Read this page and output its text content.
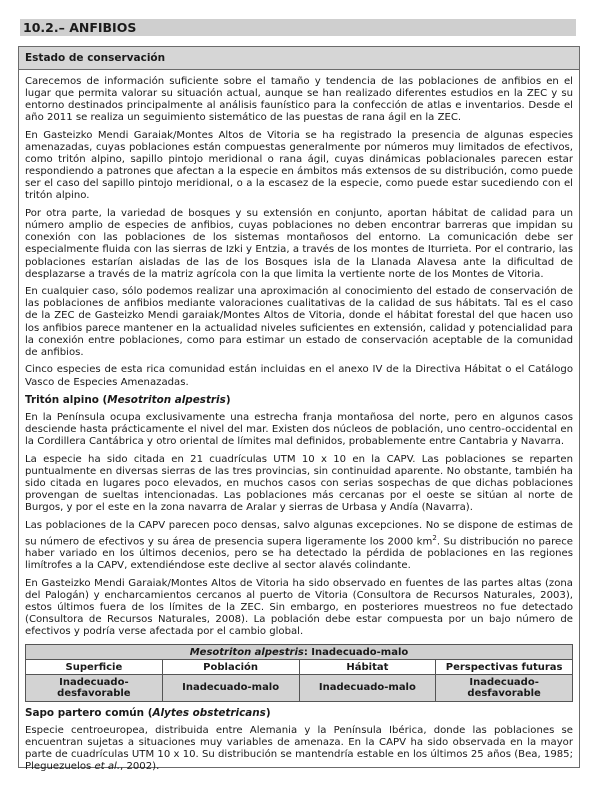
10.2.– ANFIBIOS
Estado de conservación

Carecemos de información suficiente sobre el tamaño y tendencia de las poblaciones de anfibios en el lugar que permita valorar su situación actual, aunque se han realizado diferentes estudios en la ZEC y su entorno destinados principalmente al análisis faunístico para la confección de atlas e inventarios. Desde el año 2011 se realiza un seguimiento sistemático de las puestas de rana ágil en la ZEC.

En Gasteizko Mendi Garaiak/Montes Altos de Vitoria se ha registrado la presencia de algunas especies amenazadas, cuyas poblaciones están compuestas generalmente por números muy limitados de efectivos, como tritón alpino, sapillo pintojo meridional o rana ágil, cuyas dinámicas poblacionales parecen estar respondiendo a patrones que afectan a la especie en ámbitos más extensos de su distribución, como puede ser el caso del sapillo pintojo meridional, o a la escasez de la especie, como puede estar sucediendo con el tritón alpino.

Por otra parte, la variedad de bosques y su extensión en conjunto, aportan hábitat de calidad para un número amplio de especies de anfibios, cuyas poblaciones no deben encontrar barreras que impidan su conexión con las poblaciones de los sistemas montañosos del entorno. La comunicación debe ser especialmente fluida con las sierras de Izki y Entzia, a través de los montes de Iturrieta. Por el contrario, las poblaciones estarían aisladas de las de los Bosques isla de la Llanada Alavesa ante la dificultad de desplazarse a través de la matriz agrícola con la que limita la vertiente norte de los Montes de Vitoria.

En cualquier caso, sólo podemos realizar una aproximación al conocimiento del estado de conservación de las poblaciones de anfibios mediante valoraciones cualitativas de la calidad de sus hábitats. Tal es el caso de la ZEC de Gasteizko Mendi garaiak/Montes Altos de Vitoria, donde el hábitat forestal del que hacen uso los anfibios parece mantener en la actualidad niveles suficientes en extensión, calidad y potencialidad para la conexión entre poblaciones, como para estimar un estado de conservación aceptable de la comunidad de anfibios.

Cinco especies de esta rica comunidad están incluidas en el anexo IV de la Directiva Hábitat o el Catálogo Vasco de Especies Amenazadas.

Tritón alpino (Mesotriton alpestris)

En la Península ocupa exclusivamente una estrecha franja montañosa del norte, pero en algunos casos desciende hasta prácticamente el nivel del mar. Existen dos núcleos de población, uno centro-occidental en la Cordillera Cantábrica y otro oriental de límites mal definidos, probablemente entre Cantabria y Navarra.

La especie ha sido citada en 21 cuadrículas UTM 10 x 10 en la CAPV. Las poblaciones se reparten puntualmente en diversas sierras de las tres provincias, sin continuidad aparente. No obstante, también ha sido citada en lugares poco elevados, en muchos casos con serias sospechas de que dichas poblaciones provengan de sueltas intencionadas. Las poblaciones más cercanas por el oeste se sitúan al norte de Burgos, y por el este en la zona navarra de Aralar y sierras de Urbasa y Andía (Navarra).

Las poblaciones de la CAPV parecen poco densas, salvo algunas excepciones. No se dispone de estimas de su número de efectivos y su área de presencia supera ligeramente los 2000 $km^2$. Su distribución no parece haber variado en los últimos decenios, pero se ha detectado la pérdida de poblaciones en las regiones limítrofes a la CAPV, extendiéndose este declive al sector alavés colindante.

En Gasteizko Mendi Garaiak/Montes Altos de Vitoria ha sido observado en fuentes de las partes altas (zona del Palogán) y encharcamientos cercanos al puerto de Vitoria (Consultora de Recursos Naturales, 2003), estos últimos fuera de los límites de la ZEC. Sin embargo, en posteriores muestreos no fue detectado (Consultora de Recursos Naturales, 2008). La población debe estar compuesta por un bajo número de efectivos y podría verse afectada por el cambio global.

Mesotriton alpestris: Inadecuado-malo			
Superficie	Población	Hábitat	Perspectivas futuras
Inadecuado-desfavorable	Inadecuado-malo	Inadecuado-malo	Inadecuado-desfavorable
Sapo partero común (Alytes obstetricans)

Especie centroeuropea, distribuida entre Alemania y la Península Ibérica, donde las poblaciones se encuentran sujetas a situaciones muy variables de amenaza. En la CAPV ha sido observada en la mayor parte de cuadrículas UTM 10 x 10. Su distribución se mantendría estable en los últimos 25 años (Bea, 1985; Pleguezuelos et al., 2002).
